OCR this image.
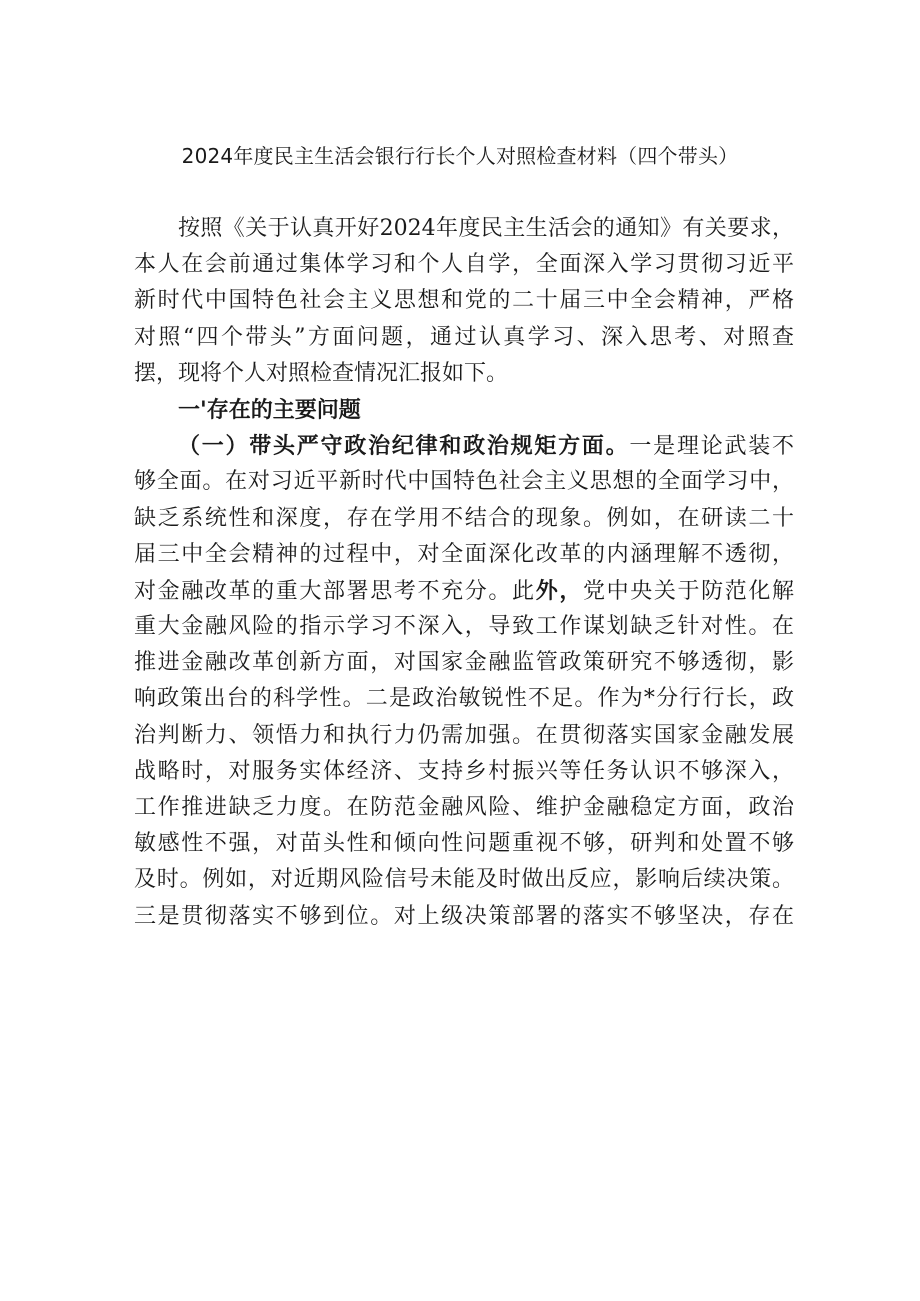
2024年度民主生活会银行行长个人对照检查材料（四个带头）
按照《关于认真开好2024年度民主生活会的通知》有关要求，
本人在会前通过集体学习和个人自学，全面深入学习贯彻习近平
新时代中国特色社会主义思想和党的二十届三中全会精神，严格
对照“四个带头”方面问题，通过认真学习、深入思考、对照查
摆，现将个人对照检查情况汇报如下。
一'存在的主要问题
（一）带头严守政治纪律和政治规矩方面。一是理论武装不
够全面。在对习近平新时代中国特色社会主义思想的全面学习中，
缺乏系统性和深度，存在学用不结合的现象。例如，在研读二十
届三中全会精神的过程中，对全面深化改革的内涵理解不透彻，
对金融改革的重大部署思考不充分。此外，党中央关于防范化解
重大金融风险的指示学习不深入，导致工作谋划缺乏针对性。在
推进金融改革创新方面，对国家金融监管政策研究不够透彻，影
响政策出台的科学性。二是政治敏锐性不足。作为*分行行长，政
治判断力、领悟力和执行力仍需加强。在贯彻落实国家金融发展
战略时，对服务实体经济、支持乡村振兴等任务认识不够深入，
工作推进缺乏力度。在防范金融风险、维护金融稳定方面，政治
敏感性不强，对苗头性和倾向性问题重视不够，研判和处置不够
及时。例如，对近期风险信号未能及时做出反应，影响后续决策。
三是贯彻落实不够到位。对上级决策部署的落实不够坚决，存在
